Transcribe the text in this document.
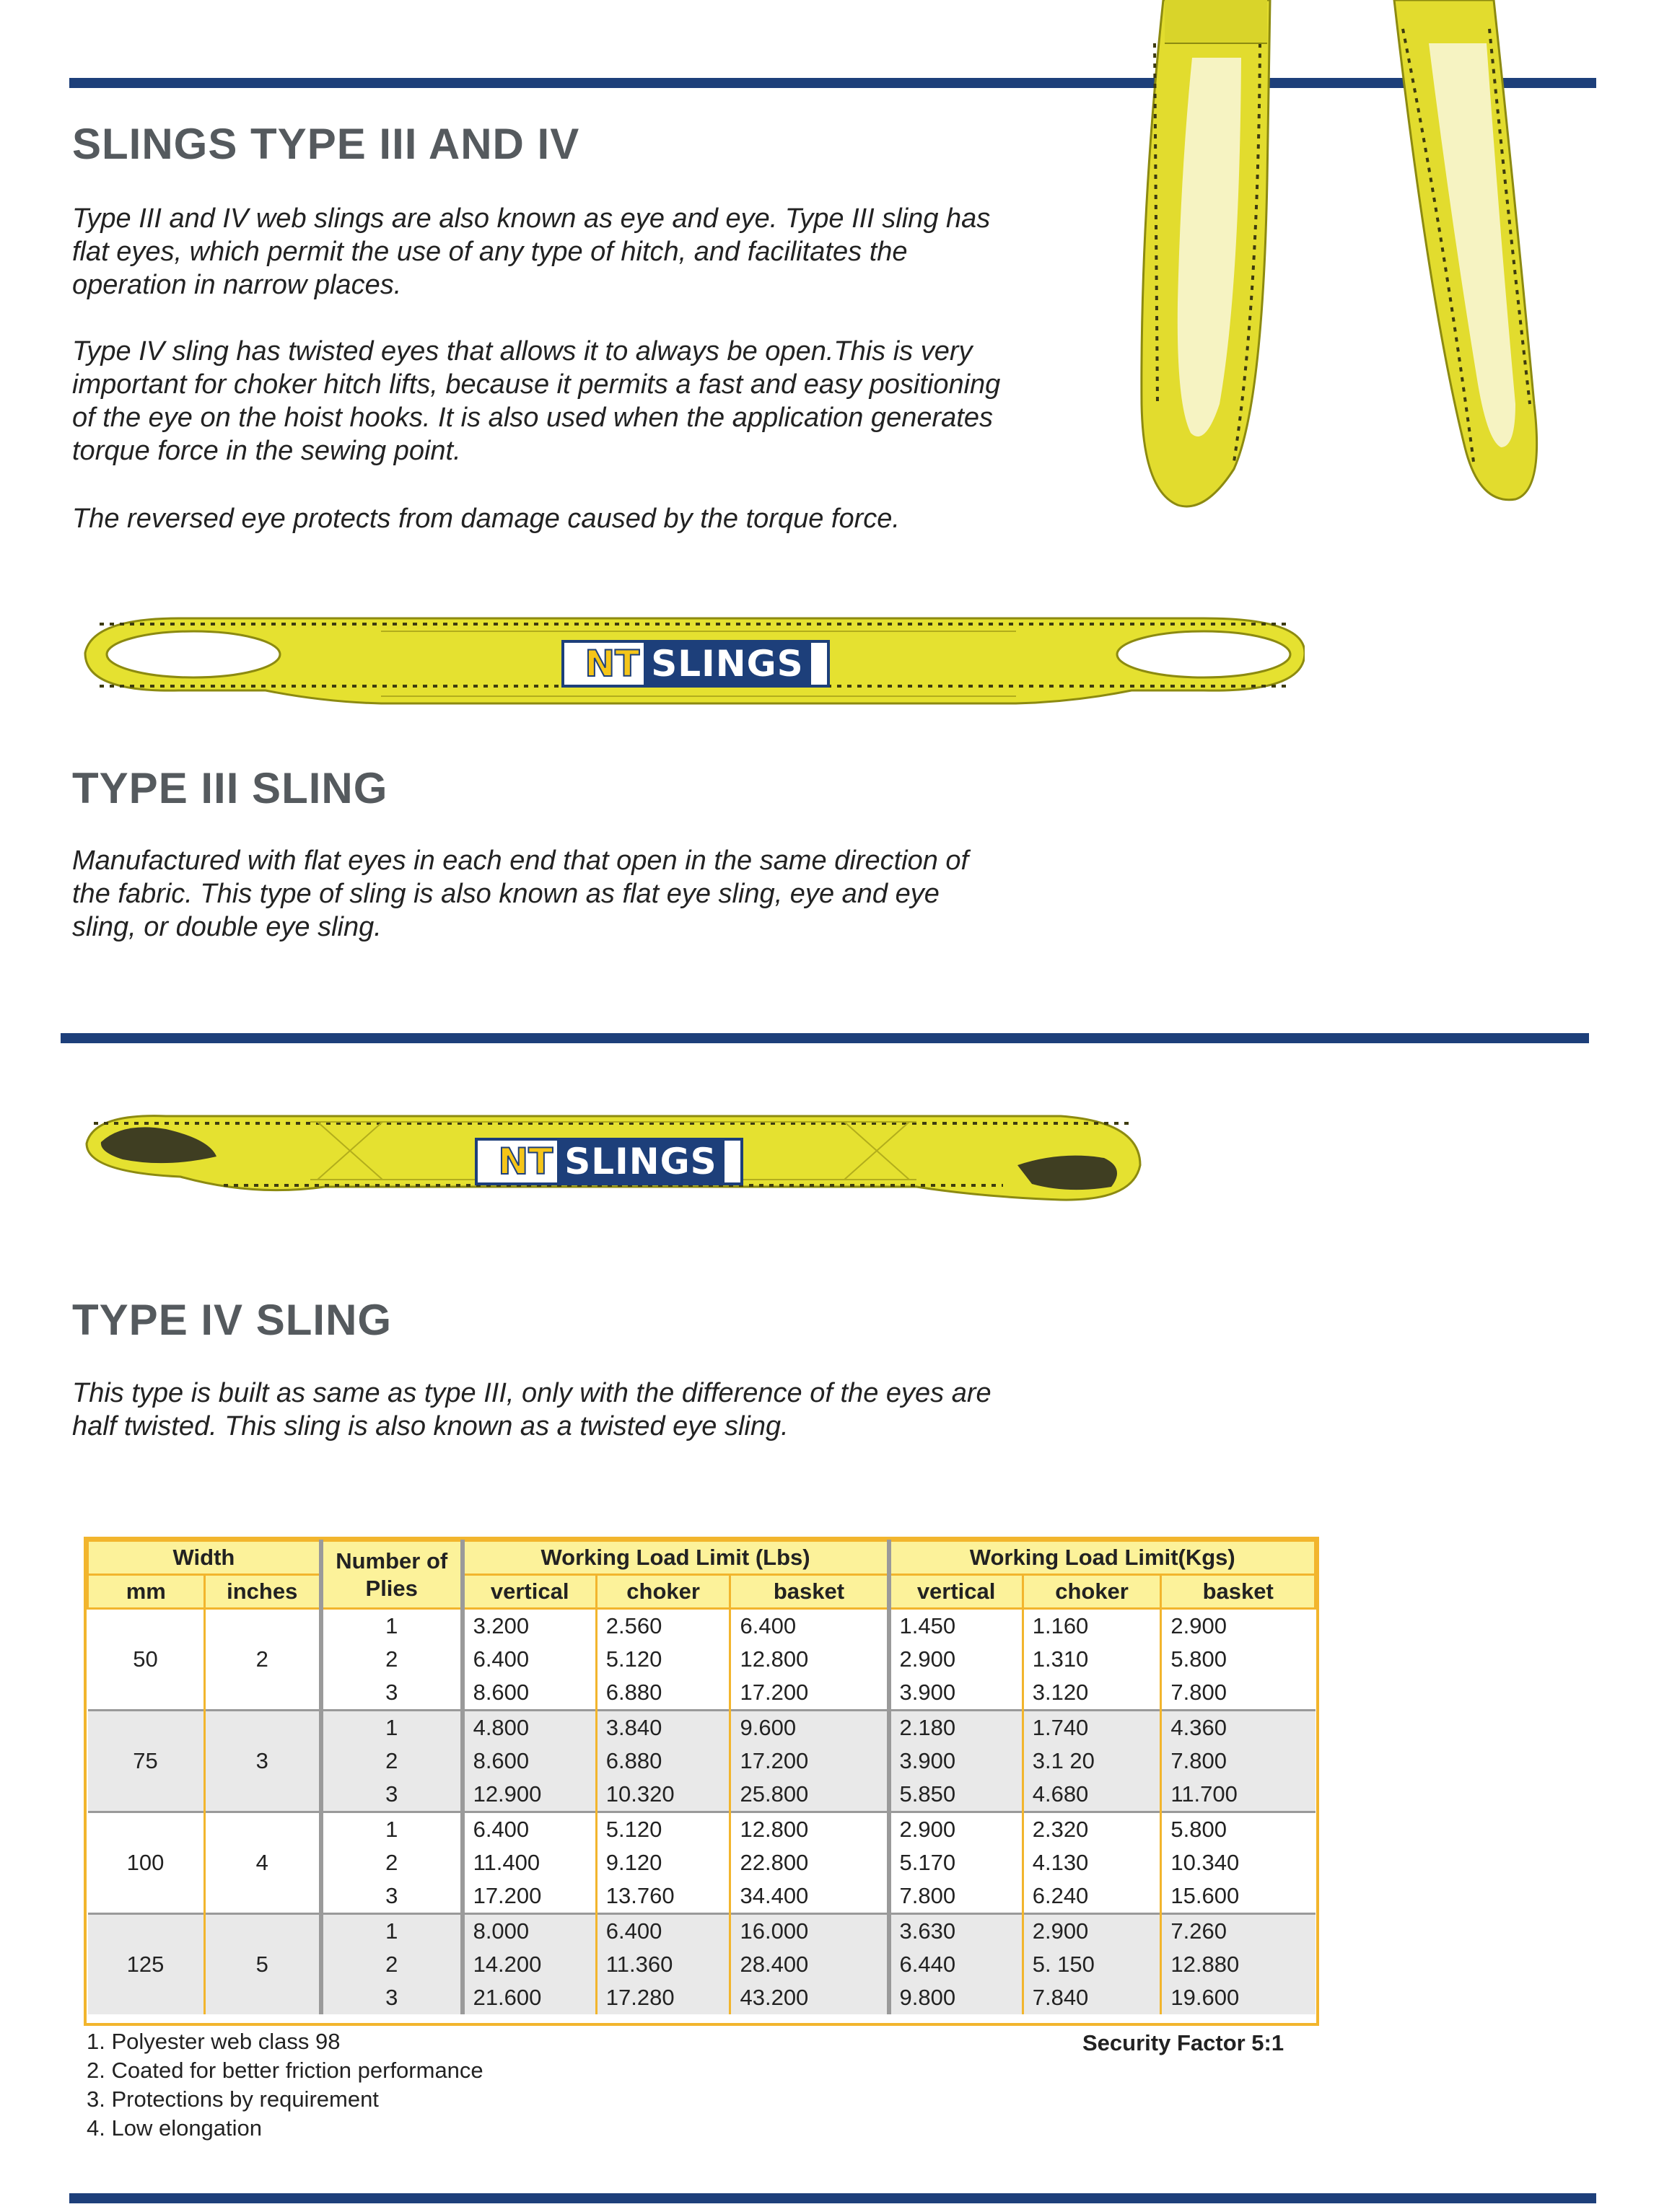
SLINGS TYPE III AND IV

Type III and IV web slings are also known as eye and eye. Type III sling has flat eyes, which permit the use of any type of hitch, and facilitates the operation in narrow places.

Type IV sling has twisted eyes that allows it to always be open.This is very important for choker hitch lifts, because it permits a fast and easy positioning of the eye on the hoist hooks. It is also used when the application generates torque force in the sewing point.

The reversed eye protects from damage caused by the torque force.

NT SLINGS
TYPE III SLING

Manufactured with flat eyes in each end that open in the same direction of the fabric. This type of sling is also known as flat eye sling, eye and eye sling, or double eye sling.

NT SLINGS
TYPE IV SLING

This type is built as same as type III, only with the difference of the eyes are half twisted. This sling is also known as a twisted eye sling.

Width		Number of Plies	Working Load Limit (Lbs)			Working Load Limit(Kgs)		
mm	inches		vertical	choker	basket	vertical	choker	basket
50	2	1	3.200	2.560	6.400	1.450	1.160	2.900
		2	6.400	5.120	12.800	2.900	1.310	5.800
		3	8.600	6.880	17.200	3.900	3.120	7.800
75	3	1	4.800	3.840	9.600	2.180	1.740	4.360
		2	8.600	6.880	17.200	3.900	3.1 20	7.800
		3	12.900	10.320	25.800	5.850	4.680	11.700
100	4	1	6.400	5.120	12.800	2.900	2.320	5.800
		2	11.400	9.120	22.800	5.170	4.130	10.340
		3	17.200	13.760	34.400	7.800	6.240	15.600
125	5	1	8.000	6.400	16.000	3.630	2.900	7.260
		2	14.200	11.360	28.400	6.440	5. 150	12.880
		3	21.600	17.280	43.200	9.800	7.840	19.600
1. Polyester web class 98
2. Coated for better friction performance
3. Protections by requirement
4. Low elongation
Security Factor 5:1
